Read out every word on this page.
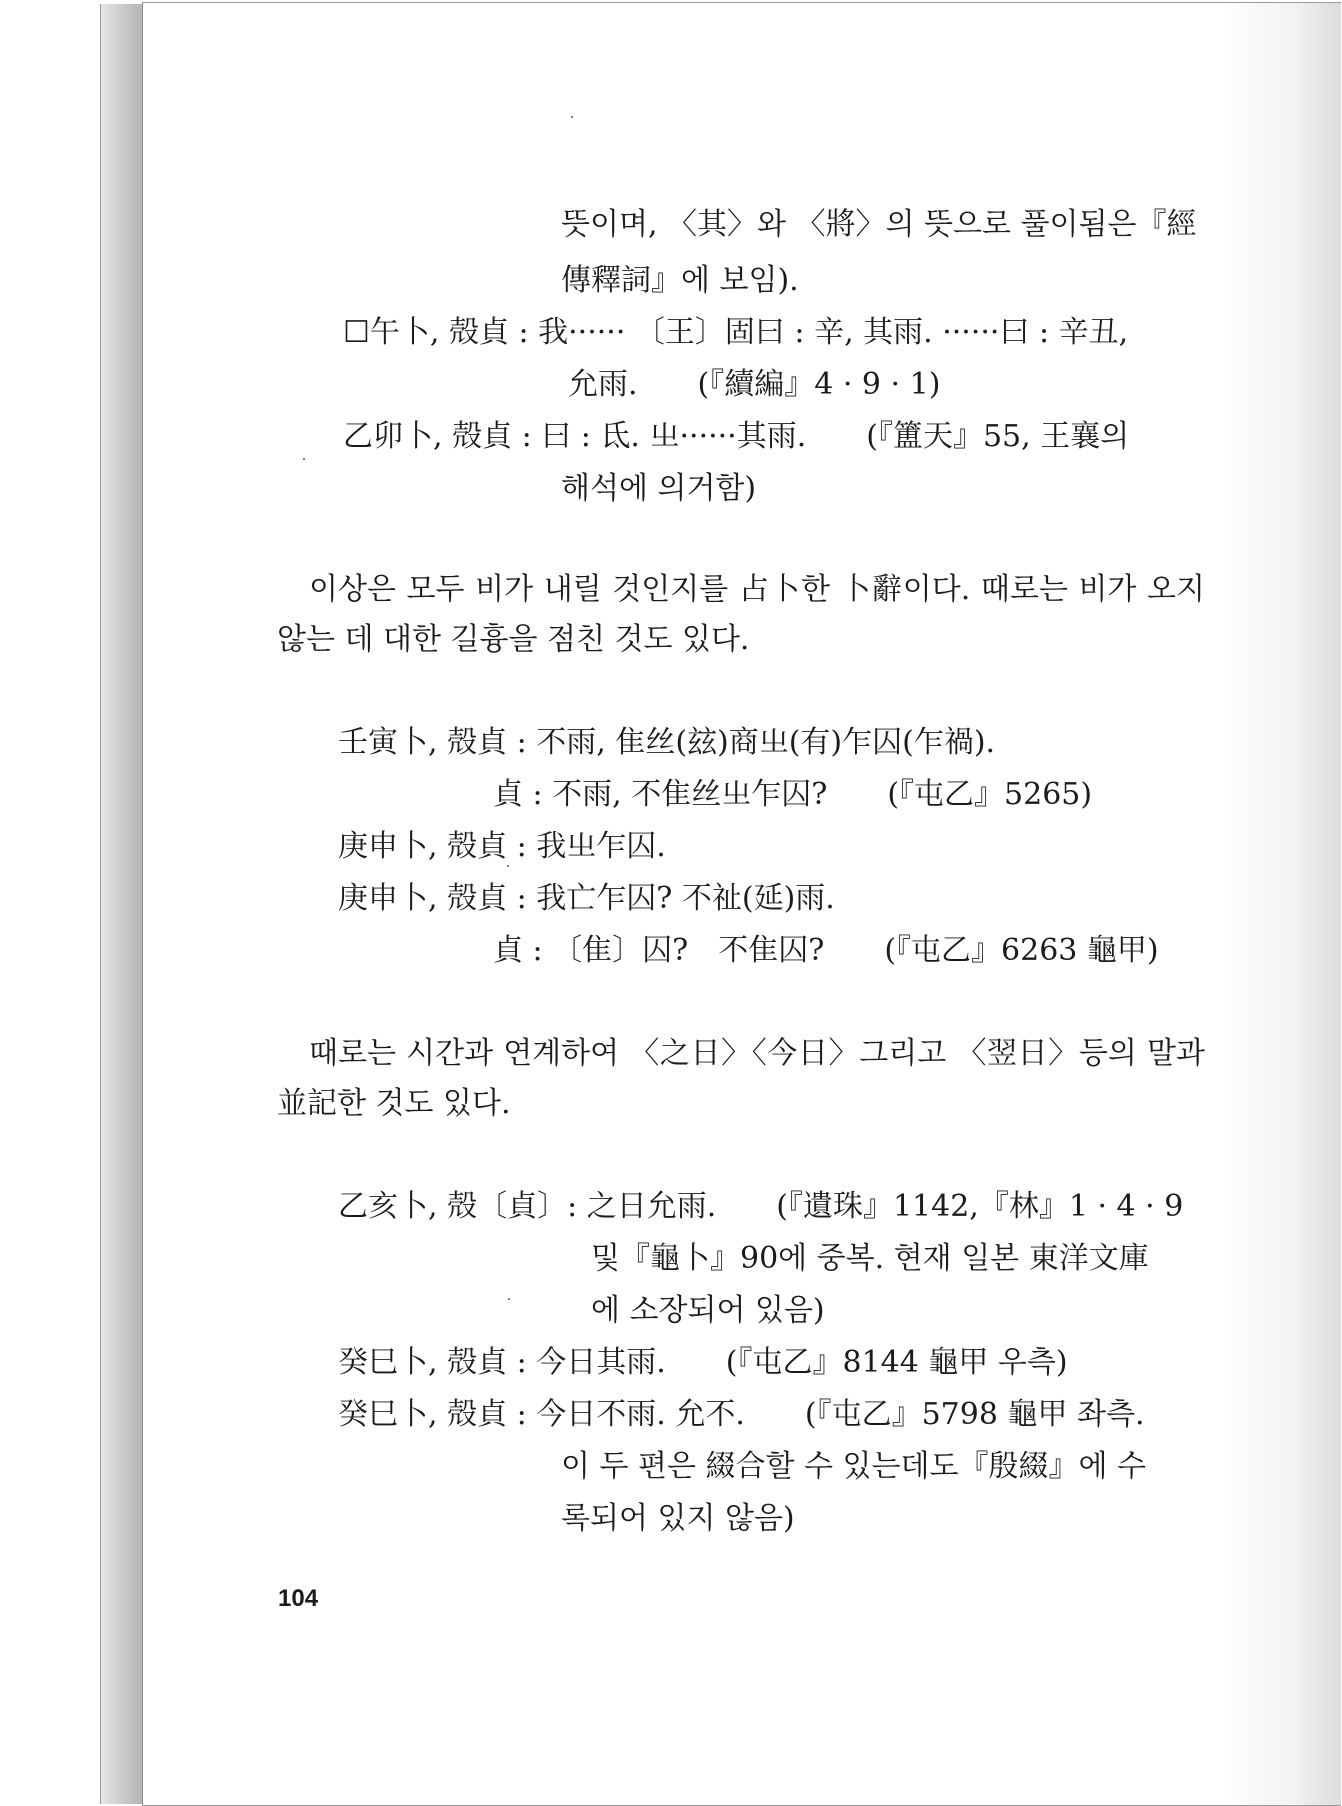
뜻이며, 〈其〉와 〈將〉의 뜻으로 풀이됨은『經
傳釋詞』에 보임).
☐午卜, 殻貞 : 我······ 〔王〕固曰 : 辛, 其雨. ······曰 : 辛丑,
允雨.　　(『續編』4 · 9 · 1)
乙卯卜, 殻貞 : 曰 : 氐. 㞢······其雨.　　(『簠天』55, 王襄의
해석에 의거함)
이상은 모두 비가 내릴 것인지를 占卜한 卜辭이다. 때로는 비가 오지 않는 데 대한 길흉을 점친 것도 있다.
壬寅卜, 殻貞 : 不雨, 隹丝(玆)商㞢(有)乍囚(乍禍).
貞 : 不雨, 不隹丝㞢乍囚?　　(『屯乙』5265)
庚申卜, 殻貞 : 我㞢乍囚.
庚申卜, 殻貞 : 我亡乍囚? 不祉(延)雨.
貞 : 〔隹〕囚?　不隹囚?　　(『屯乙』6263 龜甲)
때로는 시간과 연계하여 〈之日〉〈今日〉그리고 〈翌日〉등의 말과 並記한 것도 있다.
乙亥卜, 殻〔貞〕: 之日允雨.　　(『遺珠』1142,『林』1 · 4 · 9
및『龜卜』90에 중복. 현재 일본 東洋文庫
에 소장되어 있음)
癸巳卜, 殻貞 : 今日其雨.　　(『屯乙』8144 龜甲 우측)
癸巳卜, 殻貞 : 今日不雨. 允不.　　(『屯乙』5798 龜甲 좌측.
이 두 편은 綴合할 수 있는데도『殷綴』에 수
록되어 있지 않음)
104
